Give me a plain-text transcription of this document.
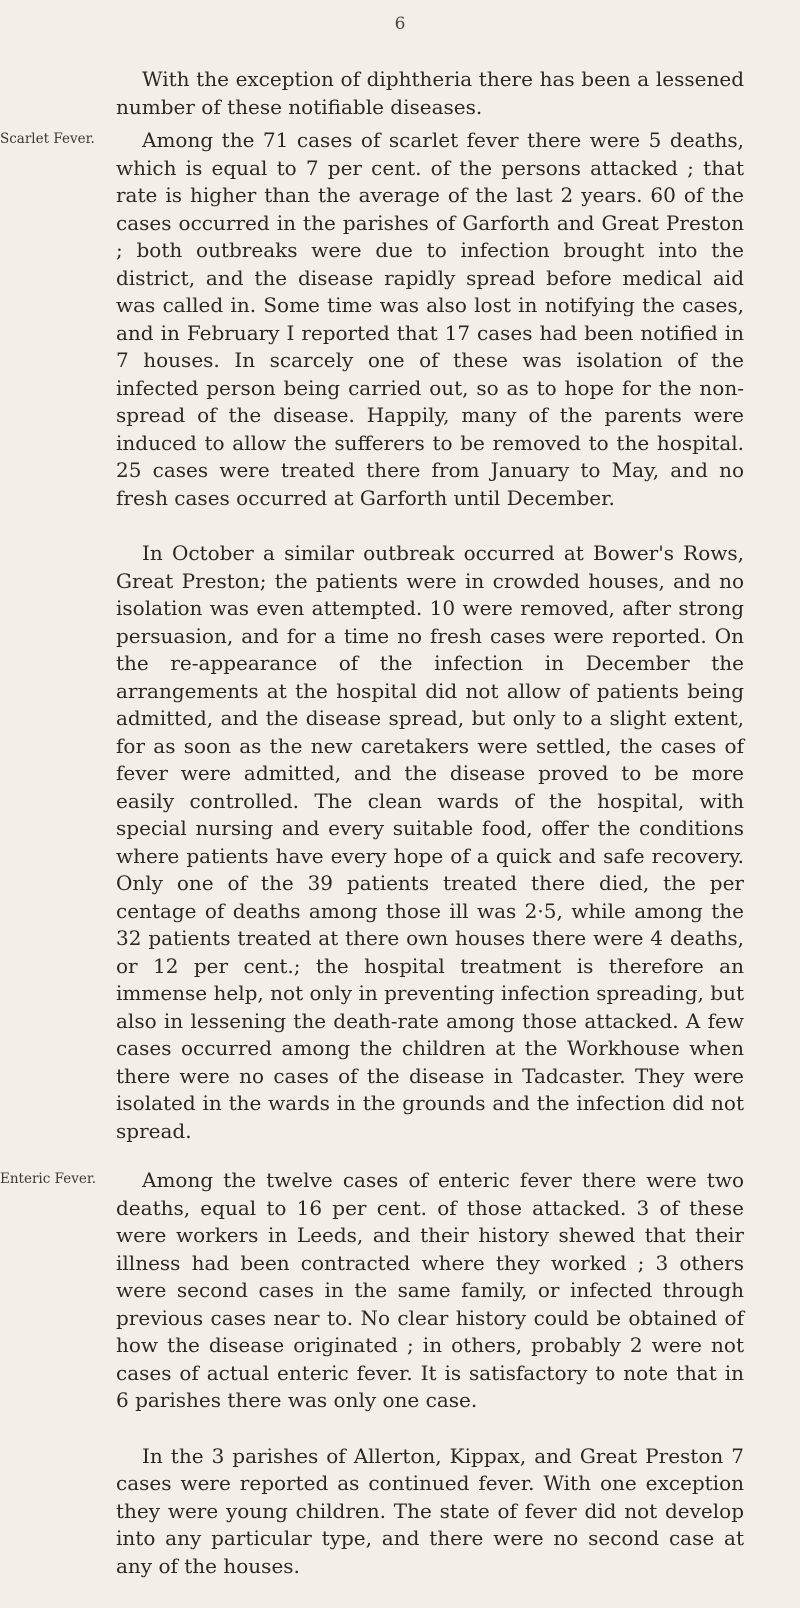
6

With the exception of diphtheria there has been a lessened number of these notifiable diseases.

Scarlet Fever.	Among the 71 cases of scarlet fever there were 5 deaths, which is equal to 7 per cent. of the persons attacked ; that rate is higher than the average of the last 2 years. 60 of the cases occurred in the parishes of Garforth and Great Preston ; both outbreaks were due to infection brought into the district, and the disease rapidly spread before medical aid was called in. Some time was also lost in notifying the cases, and in February I reported that 17 cases had been notified in 7 houses. In scarcely one of these was isolation of the infected person being carried out, so as to hope for the non-spread of the disease. Happily, many of the parents were induced to allow the sufferers to be removed to the hospital. 25 cases were treated there from January to May, and no fresh cases occurred at Garforth until December.

In October a similar outbreak occurred at Bower's Rows, Great Preston; the patients were in crowded houses, and no isolation was even attempted. 10 were removed, after strong persuasion, and for a time no fresh cases were reported. On the re-appearance of the infection in December the arrangements at the hospital did not allow of patients being admitted, and the disease spread, but only to a slight extent, for as soon as the new caretakers were settled, the cases of fever were admitted, and the disease proved to be more easily controlled. The clean wards of the hospital, with special nursing and every suitable food, offer the conditions where patients have every hope of a quick and safe recovery. Only one of the 39 patients treated there died, the per centage of deaths among those ill was 2·5, while among the 32 patients treated at there own houses there were 4 deaths, or 12 per cent.; the hospital treatment is therefore an immense help, not only in preventing infection spreading, but also in lessening the death-rate among those attacked. A few cases occurred among the children at the Workhouse when there were no cases of the disease in Tadcaster. They were isolated in the wards in the grounds and the infection did not spread.

Enteric Fever.	Among the twelve cases of enteric fever there were two deaths, equal to 16 per cent. of those attacked. 3 of these were workers in Leeds, and their history shewed that their illness had been contracted where they worked ; 3 others were second cases in the same family, or infected through previous cases near to. No clear history could be obtained of how the disease originated ; in others, probably 2 were not cases of actual enteric fever. It is satisfactory to note that in 6 parishes there was only one case.

In the 3 parishes of Allerton, Kippax, and Great Preston 7 cases were reported as continued fever. With one exception they were young children. The state of fever did not develop into any particular type, and there were no second case at any of the houses.
